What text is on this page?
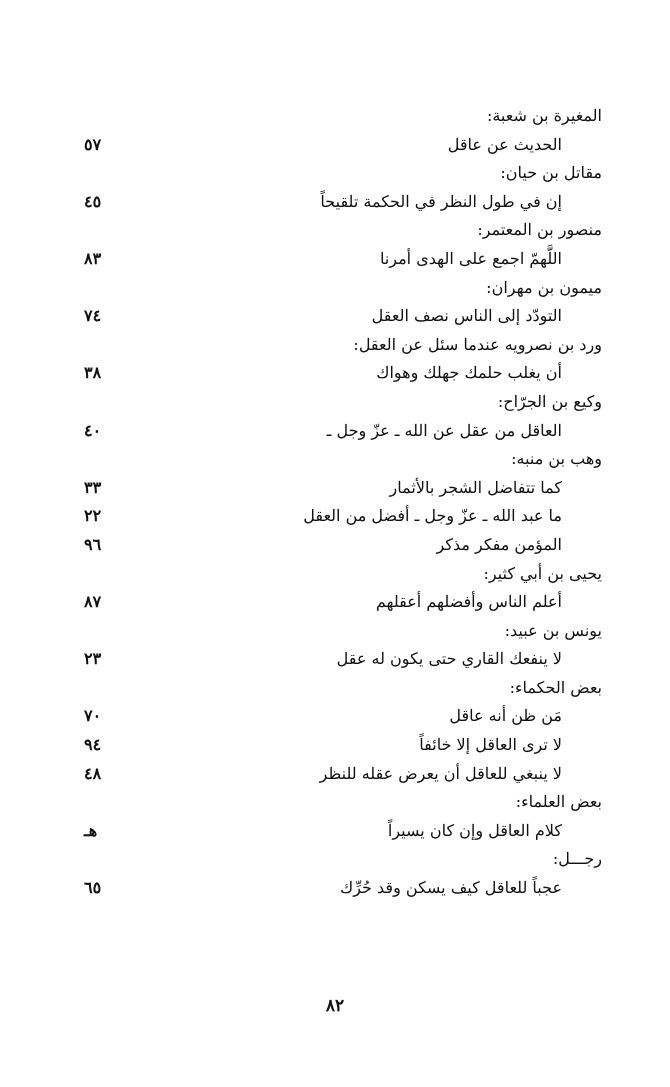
المغيرة بن شعبة:
الحديث عن عاقل
٥٧
مقاتل بن حيان:
إن في طول النظر في الحكمة تلقيحاً
٤٥
منصور بن المعتمر:
اللَّهمّ اجمع على الهدى أمرنا
٨٣
ميمون بن مهران:
التودّد إلى الناس نصف العقل
٧٤
ورد بن نصرويه عندما سئل عن العقل:
أن يغلب حلمك جهلك وهواك
٣٨
وكيع بن الجرّاح:
العاقل من عقل عن الله ـ عزّ وجل ـ
٤٠
وهب بن منبه:
كما تتفاضل الشجر بالأثمار
٣٣
ما عبد الله ـ عزّ وجل ـ أفضل من العقل
٢٢
المؤمن مفكر مذكر
٩٦
يحيى بن أبي كثير:
أعلم الناس وأفضلهم أعقلهم
٨٧
يونس بن عبيد:
لا ينفعك القاري حتى يكون له عقل
٢٣
بعض الحكماء:
مَن ظن أنه عاقل
٧٠
لا ترى العاقل إلا خائفاً
٩٤
لا ينبغي للعاقل أن يعرض عقله للنظر
٤٨
بعض العلماء:
كلام العاقل وإن كان يسيراً
هـ
رجـــل:
عجباً للعاقل كيف يسكن وقد حُرِّك
٦٥
٨٢
